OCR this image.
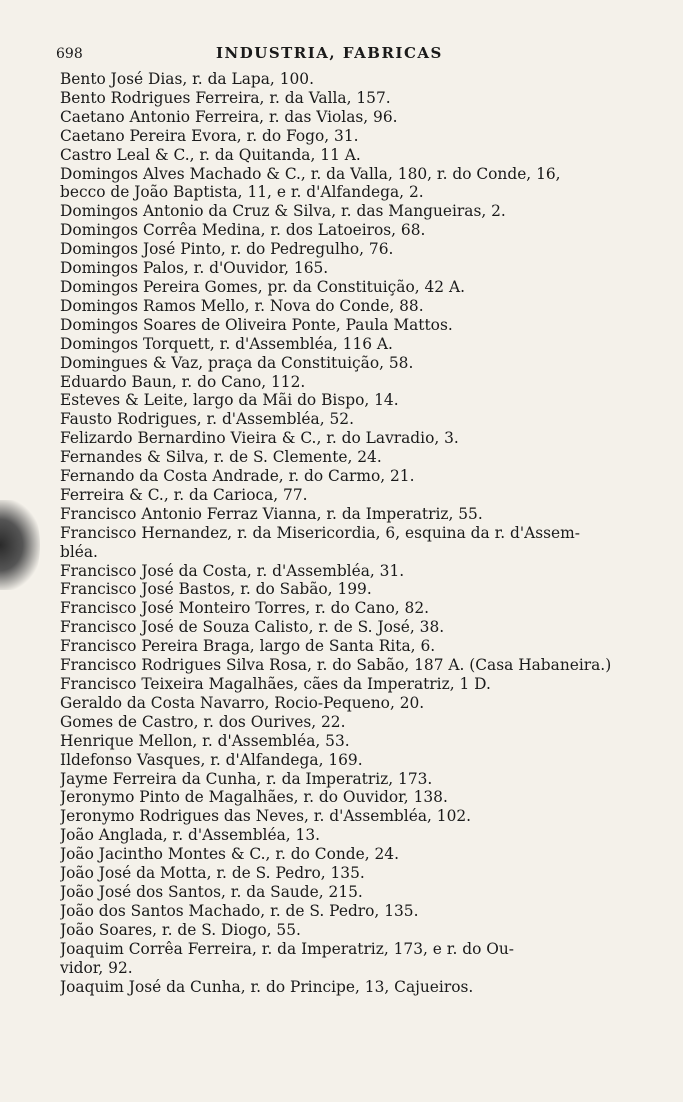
698	INDUSTRIA, FABRICAS
Bento José Dias, r. da Lapa, 100.
Bento Rodrigues Ferreira, r. da Valla, 157.
Caetano Antonio Ferreira, r. das Violas, 96.
Caetano Pereira Evora, r. do Fogo, 31.
Castro Leal & C., r. da Quitanda, 11 A.
Domingos Alves Machado & C., r. da Valla, 180, r. do Conde, 16,
becco de João Baptista, 11, e r. d'Alfandega, 2.
Domingos Antonio da Cruz & Silva, r. das Mangueiras, 2.
Domingos Corrêa Medina, r. dos Latoeiros, 68.
Domingos José Pinto, r. do Pedregulho, 76.
Domingos Palos, r. d'Ouvidor, 165.
Domingos Pereira Gomes, pr. da Constituição, 42 A.
Domingos Ramos Mello, r. Nova do Conde, 88.
Domingos Soares de Oliveira Ponte, Paula Mattos.
Domingos Torquett, r. d'Assembléa, 116 A.
Domingues & Vaz, praça da Constituição, 58.
Eduardo Baun, r. do Cano, 112.
Esteves & Leite, largo da Mãi do Bispo, 14.
Fausto Rodrigues, r. d'Assembléa, 52.
Felizardo Bernardino Vieira & C., r. do Lavradio, 3.
Fernandes & Silva, r. de S. Clemente, 24.
Fernando da Costa Andrade, r. do Carmo, 21.
Ferreira & C., r. da Carioca, 77.
Francisco Antonio Ferraz Vianna, r. da Imperatriz, 55.
Francisco Hernandez, r. da Misericordia, 6, esquina da r. d'Assem-
bléa.
Francisco José da Costa, r. d'Assembléa, 31.
Francisco José Bastos, r. do Sabão, 199.
Francisco José Monteiro Torres, r. do Cano, 82.
Francisco José de Souza Calisto, r. de S. José, 38.
Francisco Pereira Braga, largo de Santa Rita, 6.
Francisco Rodrigues Silva Rosa, r. do Sabão, 187 A. (Casa Habaneira.)
Francisco Teixeira Magalhães, cães da Imperatriz, 1 D.
Geraldo da Costa Navarro, Rocio-Pequeno, 20.
Gomes de Castro, r. dos Ourives, 22.
Henrique Mellon, r. d'Assembléa, 53.
Ildefonso Vasques, r. d'Alfandega, 169.
Jayme Ferreira da Cunha, r. da Imperatriz, 173.
Jeronymo Pinto de Magalhães, r. do Ouvidor, 138.
Jeronymo Rodrigues das Neves, r. d'Assembléa, 102.
João Anglada, r. d'Assembléa, 13.
João Jacintho Montes & C., r. do Conde, 24.
João José da Motta, r. de S. Pedro, 135.
João José dos Santos, r. da Saude, 215.
João dos Santos Machado, r. de S. Pedro, 135.
João Soares, r. de S. Diogo, 55.
Joaquim Corrêa Ferreira, r. da Imperatriz, 173, e r. do Ou-
vidor, 92.
Joaquim José da Cunha, r. do Principe, 13, Cajueiros.
